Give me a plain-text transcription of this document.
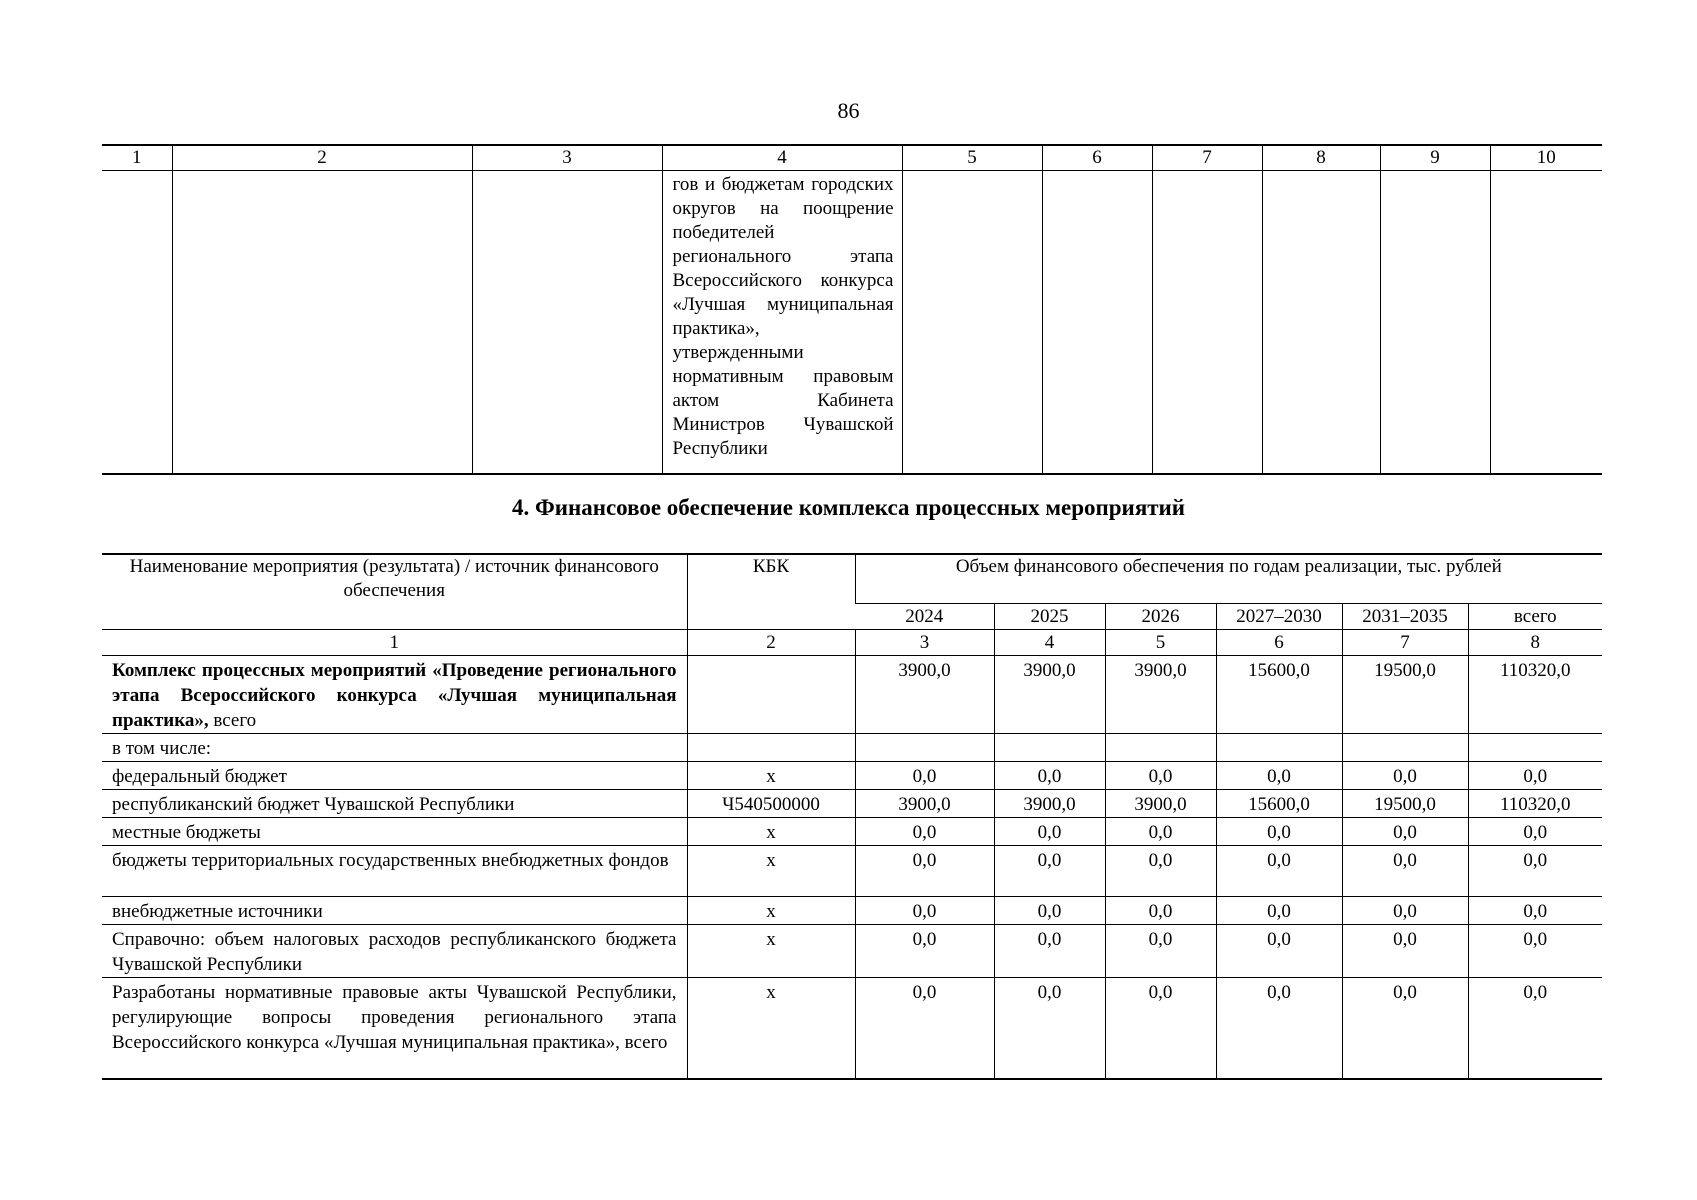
86
1	2	3	4	5	6	7	8	9	10
			гов и бюджетам городских округов на поощрение победителей регионального этапа Всероссийского конкурса «Лучшая муниципальная практика», утвержденными нормативным правовым актом Кабинета Министров Чувашской Республики						
4. Финансовое обеспечение комплекса процессных мероприятий
Наименование мероприятия (результата) / источник финансового обеспечения	КБК	Объем финансового обеспечения по годам реализации, тыс. рублей					
		2024	2025	2026	2027–2030	2031–2035	всего
1	2	3	4	5	6	7	8
Комплекс процессных мероприятий «Проведение регионального этапа Всероссийского конкурса «Лучшая муниципальная практика», всего		3900,0	3900,0	3900,0	15600,0	19500,0	110320,0
в том числе:							
федеральный бюджет	х	0,0	0,0	0,0	0,0	0,0	0,0
республиканский бюджет Чувашской Республики	Ч540500000	3900,0	3900,0	3900,0	15600,0	19500,0	110320,0
местные бюджеты	х	0,0	0,0	0,0	0,0	0,0	0,0
бюджеты территориальных государственных внебюджетных фондов	х	0,0	0,0	0,0	0,0	0,0	0,0
внебюджетные источники	х	0,0	0,0	0,0	0,0	0,0	0,0
Справочно: объем налоговых расходов республиканского бюджета Чувашской Республики	х	0,0	0,0	0,0	0,0	0,0	0,0
Разработаны нормативные правовые акты Чувашской Республики, регулирующие вопросы проведения регионального этапа Всероссийского конкурса «Лучшая муниципальная практика», всего	х	0,0	0,0	0,0	0,0	0,0	0,0
